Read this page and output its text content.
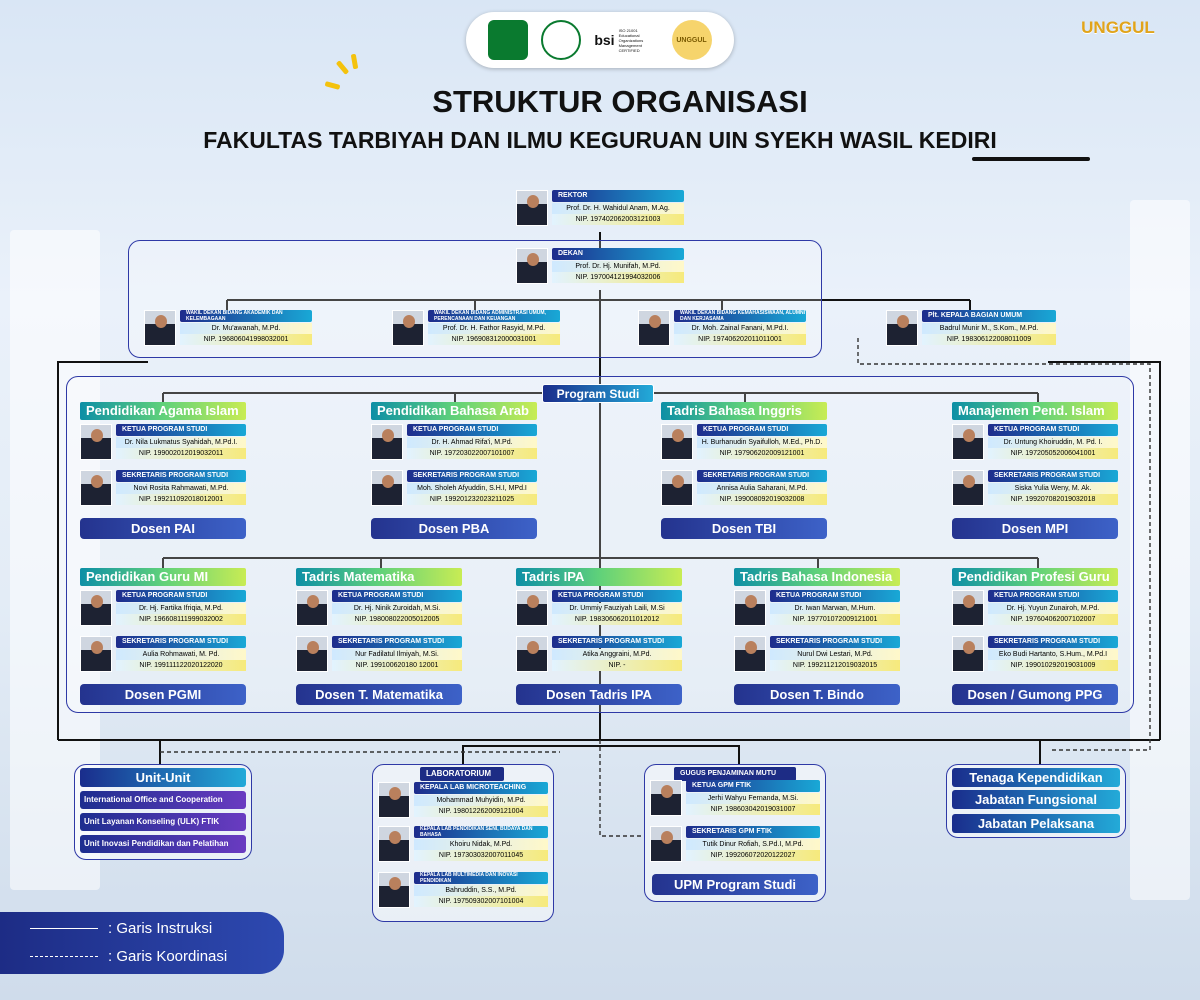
bsi
ISO 21001 Educational Organizations Management CERTIFIED
UNGGUL
UNGGUL
STRUKTUR ORGANISASI
FAKULTAS TARBIYAH DAN ILMU KEGURUAN UIN SYEKH WASIL KEDIRI
REKTOR
Prof. Dr. H. Wahidul Anam, M.Ag.
NIP. 197402062003121003
DEKAN
Prof. Dr. Hj. Munifah, M.Pd.
NIP. 197004121994032006
WAKIL DEKAN BIDANG AKADEMIK DAN KELEMBAGAAN
Dr. Mu'awanah, M.Pd.
NIP. 196806041998032001
WAKIL DEKAN BIDANG ADMINISTRASI UMUM, PERENCANAAN DAN KEUANGAN
Prof. Dr. H. Fathor Rasyid, M.Pd.
NIP. 196908312000031001
WAKIL DEKAN BIDANG KEMAHASISWAAN, ALUMNI DAN KERJASAMA
Dr. Moh. Zainal Fanani, M.Pd.I.
NIP. 197406202011011001
Plt. KEPALA BAGIAN UMUM
Badrul Munir M., S.Kom., M.Pd.
NIP. 198306122008011009
Program Studi
Pendidikan Agama Islam
KETUA PROGRAM STUDI
Dr. Nila Lukmatus Syahidah, M.Pd.I.
NIP. 199002012019032011
SEKRETARIS PROGRAM STUDI
Novi Rosita Rahmawati, M.Pd.
NIP. 199211092018012001
Dosen PAI
Pendidikan Bahasa Arab
KETUA PROGRAM STUDI
Dr. H. Ahmad Rifa'i, M.Pd.
NIP. 197203022007101007
SEKRETARIS PROGRAM STUDI
Moh. Sholeh Afyuddin, S.H.I, MPd.I
NIP. 199201232023211025
Dosen PBA
Tadris Bahasa Inggris
KETUA PROGRAM STUDI
H. Burhanudin Syaifulloh, M.Ed., Ph.D.
NIP. 197906202009121001
SEKRETARIS PROGRAM STUDI
Annisa Aulia Saharani, M.Pd.
NIP. 199008092019032008
Dosen TBI
Manajemen Pend. Islam
KETUA PROGRAM STUDI
Dr. Untung Khoiruddin, M. Pd. I.
NIP. 197205052006041001
SEKRETARIS PROGRAM STUDI
Siska Yulia Weny, M. Ak.
NIP. 199207082019032018
Dosen MPI
Pendidikan Guru MI
KETUA PROGRAM STUDI
Dr. Hj. Fartika Ifriqia, M.Pd.
NIP. 196608111999032002
SEKRETARIS PROGRAM STUDI
Aulia Rohmawati, M. Pd.
NIP. 199111122020122020
Dosen PGMI
Tadris Matematika
KETUA PROGRAM STUDI
Dr. Hj. Ninik Zuroidah, M.Si.
NIP. 198008022005012005
SEKRETARIS PROGRAM STUDI
Nur Fadilatul Ilmiyah, M.Si.
NIP. 199100620180 12001
Dosen T. Matematika
Tadris IPA
KETUA PROGRAM STUDI
Dr. Ummiy Fauziyah Laili, M.Si
NIP. 198306062011012012
SEKRETARIS PROGRAM STUDI
Atika Anggraini, M.Pd.
NIP. -
Dosen Tadris IPA
Tadris Bahasa Indonesia
KETUA PROGRAM STUDI
Dr. Iwan Marwan, M.Hum.
NIP. 197701072009121001
SEKRETARIS PROGRAM STUDI
Nurul Dwi Lestari, M.Pd.
NIP. 199211212019032015
Dosen T. Bindo
Pendidikan Profesi Guru
KETUA PROGRAM STUDI
Dr. Hj. Yuyun Zunairoh, M.Pd.
NIP. 197604062007102007
SEKRETARIS PROGRAM STUDI
Eko Budi Hartanto, S.Hum., M.Pd.I
NIP. 199010292019031009
Dosen / Gumong PPG
Unit-Unit
International Office and Cooperation
Unit Layanan Konseling (ULK) FTIK
Unit Inovasi Pendidikan dan Pelatihan
LABORATORIUM
KEPALA LAB MICROTEACHING
Mohammad Muhyidin, M.Pd.
NIP. 198012262009121004
KEPALA LAB PENDIDIKAN SENI, BUDAYA DAN BAHASA
Khoiru Nidak, M.Pd.
NIP. 197303032007011045
KEPALA LAB MULTIMEDIA DAN INOVASI PENDIDIKAN
Bahruddin, S.S., M.Pd.
NIP. 197509302007101004
GUGUS PENJAMINAN MUTU
KETUA GPM FTIK
Jerhi Wahyu Fernanda, M.Si.
NIP. 198603042019031007
SEKRETARIS GPM FTIK
Tutik Dinur Rofiah, S.Pd.I, M.Pd.
NIP. 199206072020122027
UPM Program Studi
Tenaga Kependidikan
Jabatan Fungsional
Jabatan Pelaksana
: Garis Instruksi
: Garis Koordinasi
